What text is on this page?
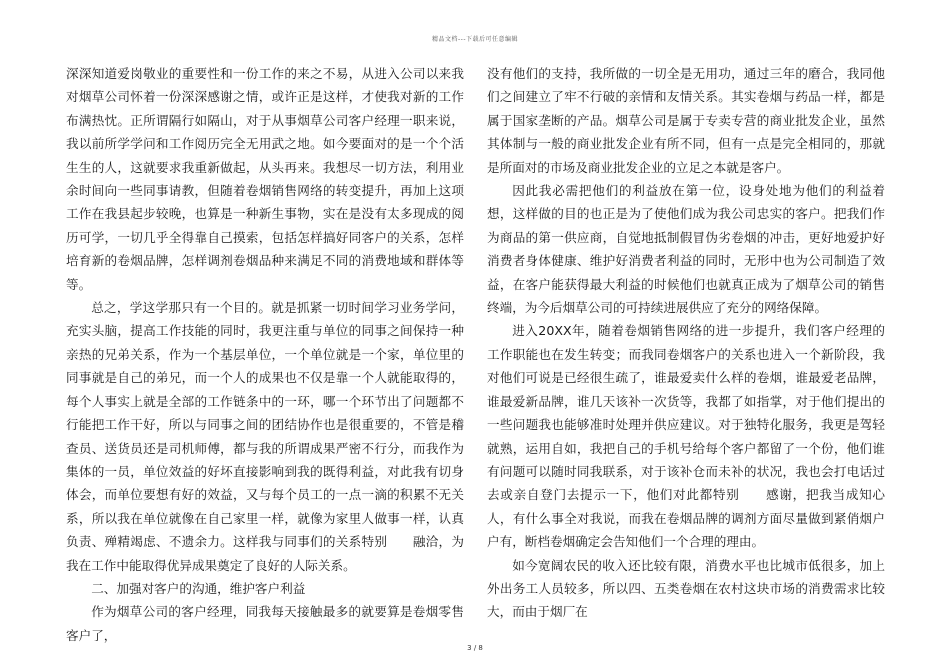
精品文档---下载后可任意编辑

深深知道爱岗敬业的重要性和一份工作的来之不易，从进入公司以来我对烟草公司怀着一份深深感谢之情，或许正是这样，才使我对新的工作布满热忱。正所谓隔行如隔山，对于从事烟草公司客户经理一职来说，我以前所学学问和工作阅历完全无用武之地。如今要面对的是一个个活生生的人，这就要求我重新做起，从头再来。我想尽一切方法，利用业余时间向一些同事请教，但随着卷烟销售网络的转变提升，再加上这项工作在我县起步较晚，也算是一种新生事物，实在是没有太多现成的阅历可学，一切几乎全得靠自己摸索，包括怎样搞好同客户的关系，怎样培育新的卷烟品牌，怎样调剂卷烟品种来满足不同的消费地域和群体等等。

总之，学这学那只有一个目的。就是抓紧一切时间学习业务学问，充实头脑，提高工作技能的同时，我更注重与单位的同事之间保持一种亲热的兄弟关系，作为一个基层单位，一个单位就是一个家，单位里的同事就是自己的弟兄，而一个人的成果也不仅是靠一个人就能取得的，每个人事实上就是全部的工作链条中的一环，哪一个环节出了问题都不行能把工作干好，所以与同事之间的团结协作也是很重要的，不管是稽查员、送货员还是司机师傅，都与我的所谓成果严密不行分，而我作为集体的一员，单位效益的好坏直接影响到我的既得利益，对此我有切身体会，而单位要想有好的效益，又与每个员工的一点一滴的积累不无关系，所以我在单位就像在自己家里一样，就像为家里人做事一样，认真负责、殚精竭虑、不遗余力。这样我与同事们的关系特别　　融洽，为我在工作中能取得优异成果奠定了良好的人际关系。

二、加强对客户的沟通，维护客户利益

作为烟草公司的客户经理，同我每天接触最多的就要算是卷烟零售客户了，

没有他们的支持，我所做的一切全是无用功，通过三年的磨合，我同他们之间建立了牢不行破的亲情和友情关系。其实卷烟与药品一样，都是属于国家垄断的产品。烟草公司是属于专卖专营的商业批发企业，虽然其体制与一般的商业批发企业有所不同，但有一点是完全相同的，那就是所面对的市场及商业批发企业的立足之本就是客户。

因此我必需把他们的利益放在第一位，设身处地为他们的利益着想，这样做的目的也正是为了使他们成为我公司忠实的客户。把我们作为商品的第一供应商，自觉地抵制假冒伪劣卷烟的冲击，更好地爱护好消费者身体健康、维护好消费者利益的同时，无形中也为公司制造了效益，在客户能获得最大利益的时候他们也就真正成为了烟草公司的销售终端，为今后烟草公司的可持续进展供应了充分的网络保障。

进入20XX年，随着卷烟销售网络的进一步提升，我们客户经理的工作职能也在发生转变；而我同卷烟客户的关系也进入一个新阶段，我对他们可说是已经很生疏了，谁最爱卖什么样的卷烟，谁最爱老品牌，谁最爱新品牌，谁几天该补一次货等，我都了如指掌，对于他们提出的一些问题我也能够准时处理并供应建议。对于独特化服务，我更是驾轻就熟，运用自如，我把自己的手机号给每个客户都留了一个份，他们谁有问题可以随时同我联系，对于该补仓而未补的状况，我也会打电话过去或亲自登门去提示一下，他们对此都特别　　感谢，把我当成知心人，有什么事全对我说，而我在卷烟品牌的调剂方面尽量做到紧俏烟户户有，断档卷烟确定会告知他们一个合理的理由。

如今宽阔农民的收入还比较有限，消费水平也比城市低很多，加上外出务工人员较多，所以四、五类卷烟在农村这块市场的消费需求比较大，而由于烟厂在

3 / 8
